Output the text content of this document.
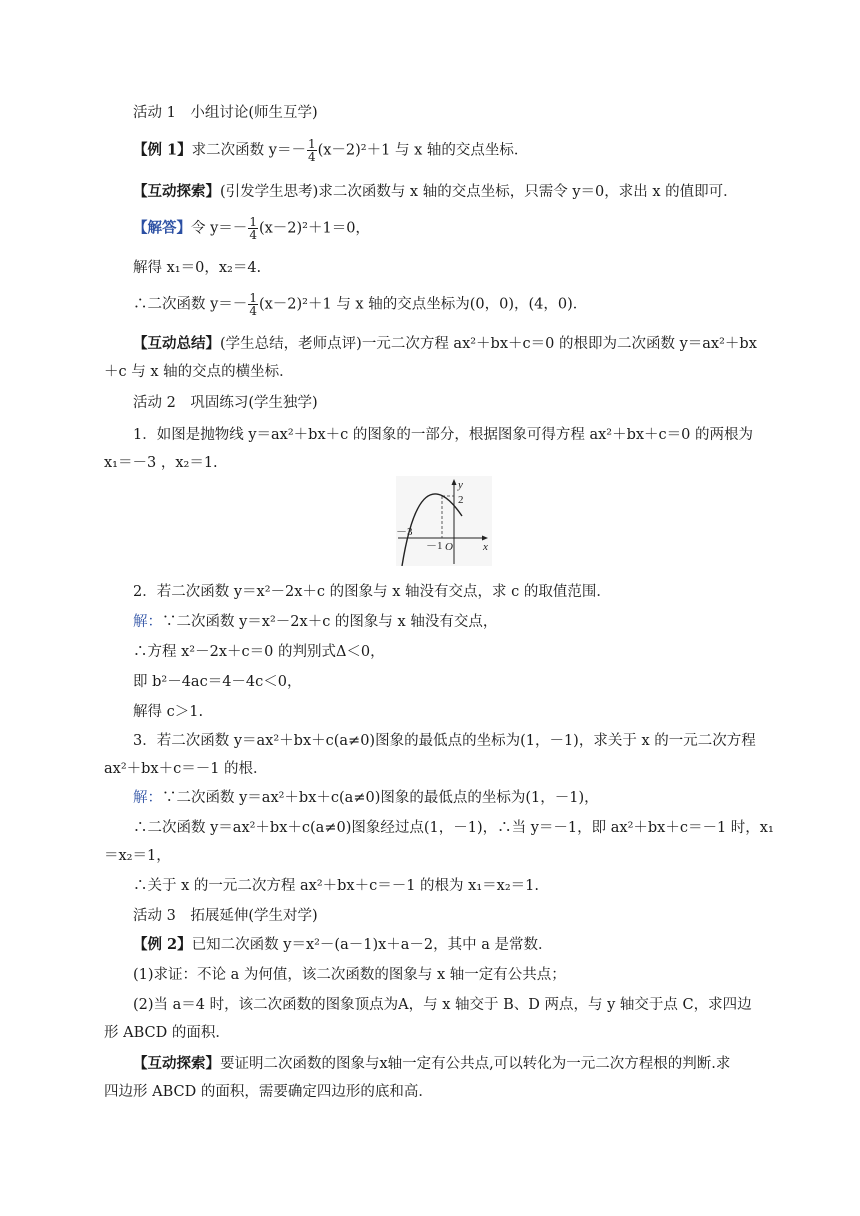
活动 1　小组讨论(师生互学)
【例 1】求二次函数 $y=- \frac{1}{4} (x-2)^2+1$ 与 x 轴的交点坐标．
【互动探索】(引发学生思考)求二次函数与 x 轴的交点坐标，只需令 y＝0，求出 x 的值即可．
【解答】令 $y=- \frac{1}{4} (x-2)^2+1=0$，
解得 x₁＝0，x₂＝4.
∴二次函数 $y=- \frac{1}{4} (x-2)^2+1$ 与 x 轴的交点坐标为(0，0)，(4，0)．
【互动总结】(学生总结，老师点评)一元二次方程 ax²＋bx＋c＝0 的根即为二次函数 y＝ax²＋bx
＋c 与 x 轴的交点的横坐标．
活动 2　巩固练习(学生独学)
1．如图是抛物线 y＝ax²＋bx＋c 的图象的一部分，根据图象可得方程 ax²＋bx＋c＝0 的两根为
x₁＝－3 ，x₂＝1.
y
x
O
2
－3
－1
2．若二次函数 y＝x²－2x＋c 的图象与 x 轴没有交点，求 c 的取值范围．
解：∵二次函数 y＝x²－2x＋c 的图象与 x 轴没有交点，
∴方程 x²－2x＋c＝0 的判别式Δ＜0，
即 b²－4ac＝4－4c＜0，
解得 c＞1.
3．若二次函数 y＝ax²＋bx＋c(a≠0)图象的最低点的坐标为(1，－1)，求关于 x 的一元二次方程
ax²＋bx＋c＝－1 的根．
解：∵二次函数 y＝ax²＋bx＋c(a≠0)图象的最低点的坐标为(1，－1)，
∴二次函数 y＝ax²＋bx＋c(a≠0)图象经过点(1，－1)，∴当 y＝－1，即 ax²＋bx＋c＝－1 时，x₁
＝x₂＝1，
∴关于 x 的一元二次方程 ax²＋bx＋c＝－1 的根为 x₁＝x₂＝1.
活动 3　拓展延伸(学生对学)
【例 2】已知二次函数 y＝x²－(a－1)x＋a－2，其中 a 是常数．
(1)求证：不论 a 为何值，该二次函数的图象与 x 轴一定有公共点；
(2)当 a＝4 时，该二次函数的图象顶点为A，与 x 轴交于 B、D 两点，与 y 轴交于点 C，求四边
形 ABCD 的面积．
【互动探索】要证明二次函数的图象与x轴一定有公共点,可以转化为一元二次方程根的判断.求
四边形 ABCD 的面积，需要确定四边形的底和高．
